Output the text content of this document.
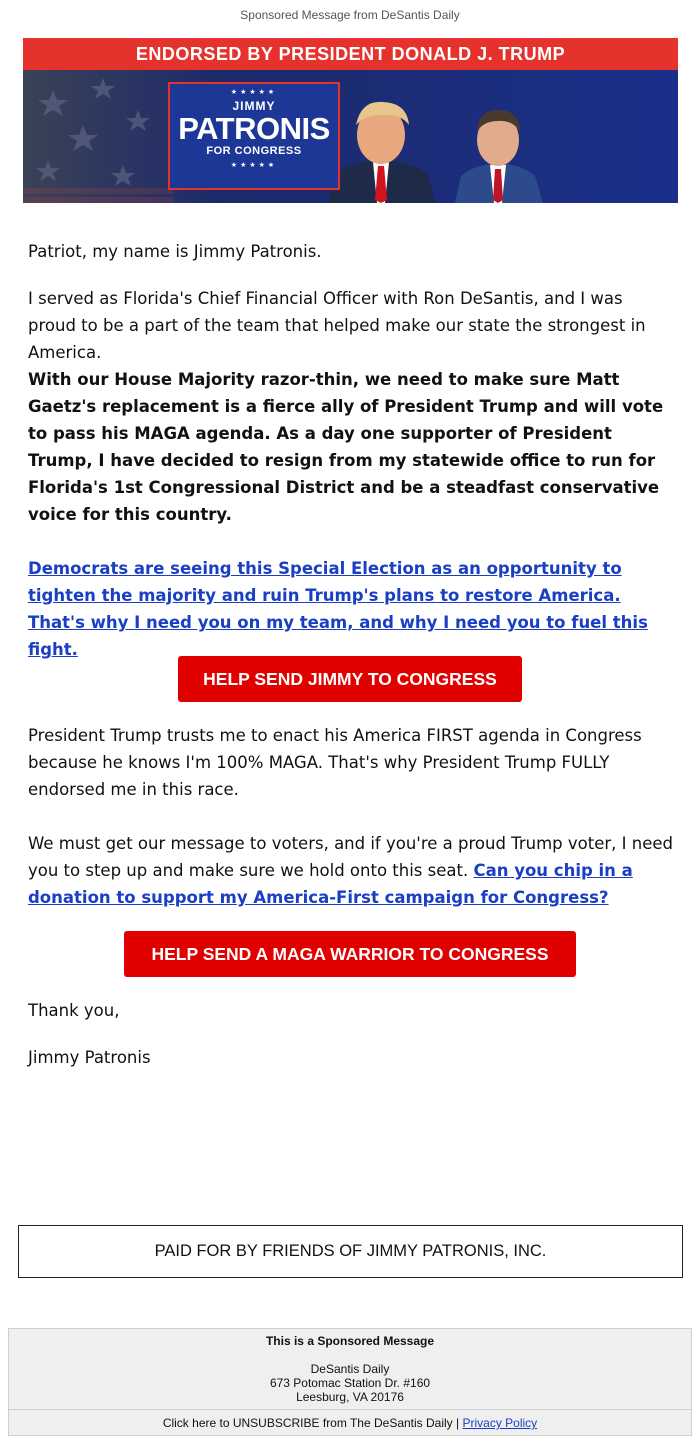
Sponsored Message from DeSantis Daily
ENDORSED BY PRESIDENT DONALD J. TRUMP
★★★★★
JIMMY
PATRONIS
FOR CONGRESS
★★★★★

Patriot, my name is Jimmy Patronis.

I served as Florida's Chief Financial Officer with Ron DeSantis, and I was proud to be a part of the team that helped make our state the strongest in America.

With our House Majority razor-thin, we need to make sure Matt Gaetz's replacement is a fierce ally of President Trump and will vote to pass his MAGA agenda. As a day one supporter of President Trump, I have decided to resign from my statewide office to run for Florida's 1st Congressional District and be a steadfast conservative voice for this country.

Democrats are seeing this Special Election as an opportunity to tighten the majority and ruin Trump's plans to restore America. That's why I need you on my team, and why I need you to fuel this fight.

HELP SEND JIMMY TO CONGRESS

President Trump trusts me to enact his America FIRST agenda in Congress because he knows I'm 100% MAGA. That's why President Trump FULLY endorsed me in this race.

We must get our message to voters, and if you're a proud Trump voter, I need you to step up and make sure we hold onto this seat. Can you chip in a donation to support my America-First campaign for Congress?

HELP SEND A MAGA WARRIOR TO CONGRESS

Thank you,

Jimmy Patronis

PAID FOR BY FRIENDS OF JIMMY PATRONIS, INC.
This is a Sponsored Message
DeSantis Daily
673 Potomac Station Dr. #160
Leesburg, VA 20176
Click here to UNSUBSCRIBE from The DeSantis Daily | Privacy Policy
